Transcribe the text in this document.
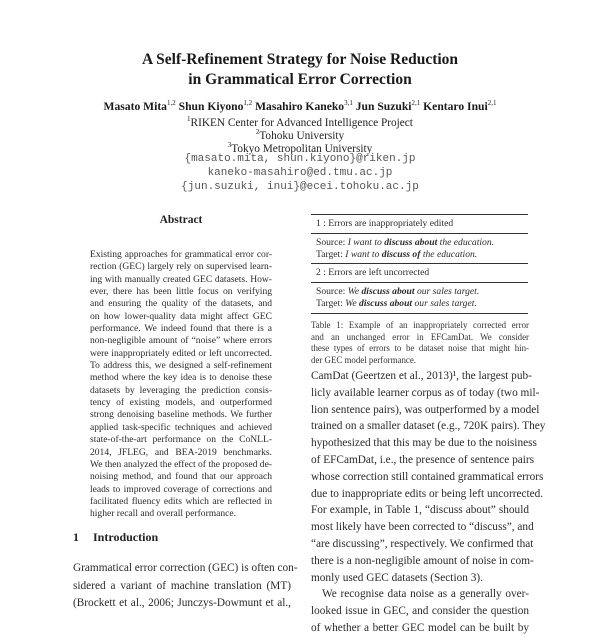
A Self-Refinement Strategy for Noise Reduction
in Grammatical Error Correction
Masato Mita$^{1,2}$ Shun Kiyono$^{1,2}$ Masahiro Kaneko$^{3,1}$ Jun Suzuki$^{2,1}$ Kentaro Inui$^{2,1}$
$^1$RIKEN Center for Advanced Intelligence Project
$^2$Tohoku University
$^3$Tokyo Metropolitan University
{masato.mita, shun.kiyono}@riken.jp
kaneko-masahiro@ed.tmu.ac.jp
{jun.suzuki, inui}@ecei.tohoku.ac.jp
Abstract
Existing approaches for grammatical error cor-
rection (GEC) largely rely on supervised learn-
ing with manually created GEC datasets. How-
ever, there has been little focus on verifying
and ensuring the quality of the datasets, and
on how lower-quality data might affect GEC
performance. We indeed found that there is a
non-negligible amount of “noise” where errors
were inappropriately edited or left uncorrected.
To address this, we designed a self-refinement
method where the key idea is to denoise these
datasets by leveraging the prediction consis-
tency of existing models, and outperformed
strong denoising baseline methods. We further
applied task-specific techniques and achieved
state-of-the-art performance on the CoNLL-
2014, JFLEG, and BEA-2019 benchmarks.
We then analyzed the effect of the proposed de-
noising method, and found that our approach
leads to improved coverage of corrections and
facilitated fluency edits which are reflected in
higher recall and overall performance.
1 Introduction
Grammatical error correction (GEC) is often con-
sidered a variant of machine translation (MT)
(Brockett et al., 2006; Junczys-Dowmunt et al.,
1 : Errors are inappropriately edited
Source: I want to discuss about the education.
Target: I want to discuss of the education.
2 : Errors are left uncorrected
Source: We discuss about our sales target.
Target: We discuss about our sales target.
Table 1: Example of an inappropriately corrected error
and an unchanged error in EFCamDat. We consider
these types of errors to be dataset noise that might hin-
der GEC model performance.
CamDat (Geertzen et al., 2013)¹, the largest pub-
licly available learner corpus as of today (two mil-
lion sentence pairs), was outperformed by a model
trained on a smaller dataset (e.g., 720K pairs). They
hypothesized that this may be due to the noisiness
of EFCamDat, i.e., the presence of sentence pairs
whose correction still contained grammatical errors
due to inappropriate edits or being left uncorrected.
For example, in Table 1, “discuss about” should
most likely have been corrected to “discuss”, and
“are discussing”, respectively. We confirmed that
there is a non-negligible amount of noise in com-
monly used GEC datasets (Section 3).
We recognise data noise as a generally over-
looked issue in GEC, and consider the question
of whether a better GEC model can be built by
